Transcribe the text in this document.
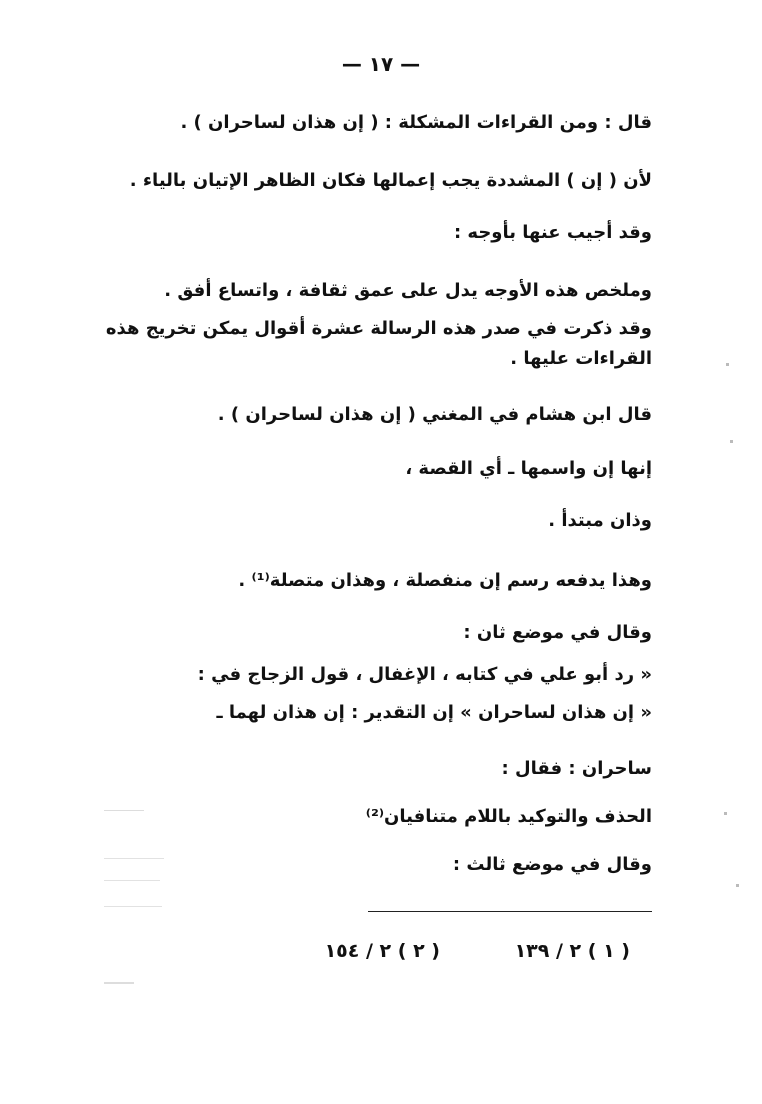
— ١٧ —
قال : ومن القراءات المشكلة : ( إن هذان لساحران ) .
لأن ( إن ) المشددة يجب إعمالها فكان الظاهر الإتيان بالياء .
وقد أجيب عنها بأوجه :
وملخص هذه الأوجه يدل على عمق ثقافة ، واتساع أفق .
وقد ذكرت في صدر هذه الرسالة عشرة أقوال يمكن تخريج هذه
القراءات عليها .
قال ابن هشام في المغني ( إن هذان لساحران ) .
إنها إن واسمها ـ أي القصة ،
وذان مبتدأ .
وهذا يدفعه رسم إن منفصلة ، وهذان متصلة⁽¹⁾ .
وقال في موضع ثان :
« رد أبو علي في كتابه ، الإغفال ، قول الزجاج في :
« إن هذان لساحران » إن التقدير : إن هذان لهما ـ
ساحران : فقال :
الحذف والتوكيد باللام متنافيان⁽²⁾
وقال في موضع ثالث :
( ١ ) ٢ / ١٣٩
( ٢ ) ٢ / ١٥٤
